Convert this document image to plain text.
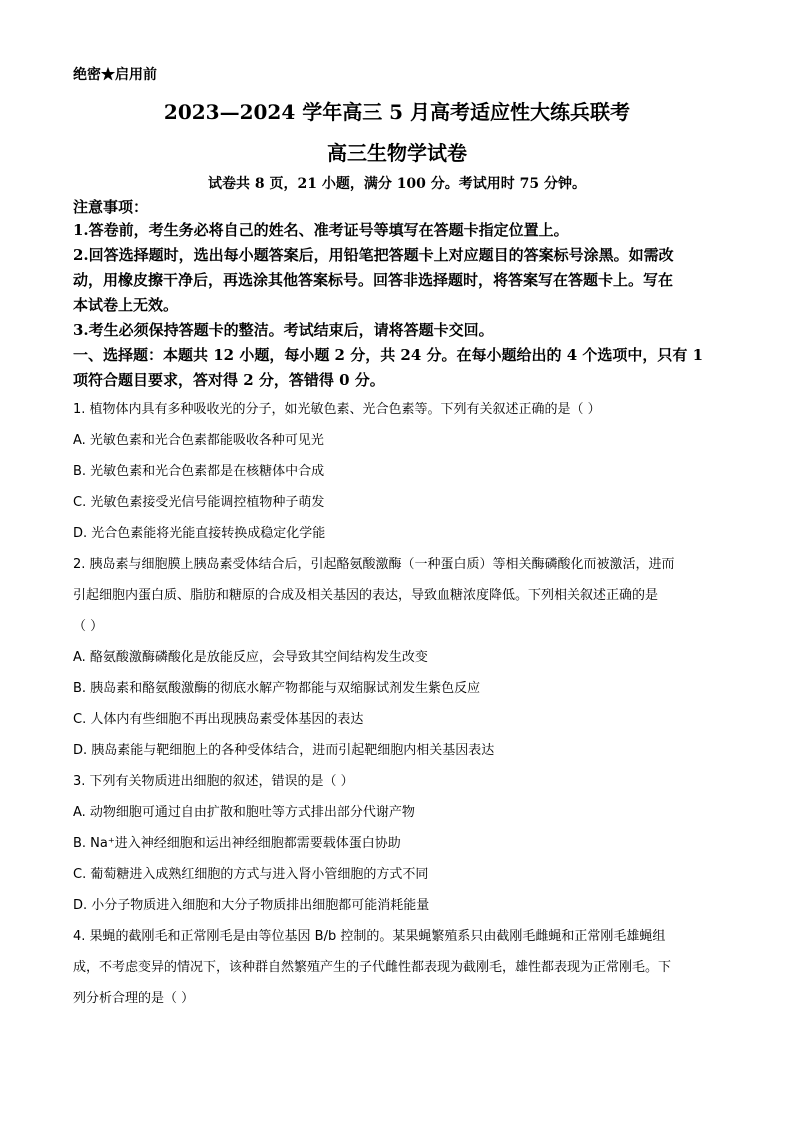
绝密★启用前
2023—2024 学年高三 5 月高考适应性大练兵联考
高三生物学试卷
试卷共 8 页，21 小题，满分 100 分。考试用时 75 分钟。
注意事项：

1.答卷前，考生务必将自己的姓名、准考证号等填写在答题卡指定位置上。

2.回答选择题时，选出每小题答案后，用铅笔把答题卡上对应题目的答案标号涂黑。如需改

动，用橡皮擦干净后，再选涂其他答案标号。回答非选择题时，将答案写在答题卡上。写在

本试卷上无效。

3.考生必须保持答题卡的整洁。考试结束后，请将答题卡交回。

一、选择题：本题共 12 小题，每小题 2 分，共 24 分。在每小题给出的 4 个选项中，只有 1

项符合题目要求，答对得 2 分，答错得 0 分。

1. 植物体内具有多种吸收光的分子，如光敏色素、光合色素等。下列有关叙述正确的是（ ）

A. 光敏色素和光合色素都能吸收各种可见光

B. 光敏色素和光合色素都是在核糖体中合成

C. 光敏色素接受光信号能调控植物种子萌发

D. 光合色素能将光能直接转换成稳定化学能

2. 胰岛素与细胞膜上胰岛素受体结合后，引起酪氨酸激酶（一种蛋白质）等相关酶磷酸化而被激活，进而

引起细胞内蛋白质、脂肪和糖原的合成及相关基因的表达，导致血糖浓度降低。下列相关叙述正确的是

（ ）

A. 酪氨酸激酶磷酸化是放能反应，会导致其空间结构发生改变

B. 胰岛素和酪氨酸激酶的彻底水解产物都能与双缩脲试剂发生紫色反应

C. 人体内有些细胞不再出现胰岛素受体基因的表达

D. 胰岛素能与靶细胞上的各种受体结合，进而引起靶细胞内相关基因表达

3. 下列有关物质进出细胞的叙述，错误的是（ ）

A. 动物细胞可通过自由扩散和胞吐等方式排出部分代谢产物

B. Na⁺进入神经细胞和运出神经细胞都需要载体蛋白协助

C. 葡萄糖进入成熟红细胞的方式与进入肾小管细胞的方式不同

D. 小分子物质进入细胞和大分子物质排出细胞都可能消耗能量

4. 果蝇的截刚毛和正常刚毛是由等位基因 B/b 控制的。某果蝇繁殖系只由截刚毛雌蝇和正常刚毛雄蝇组

成，不考虑变异的情况下，该种群自然繁殖产生的子代雌性都表现为截刚毛，雄性都表现为正常刚毛。下

列分析合理的是（ ）
